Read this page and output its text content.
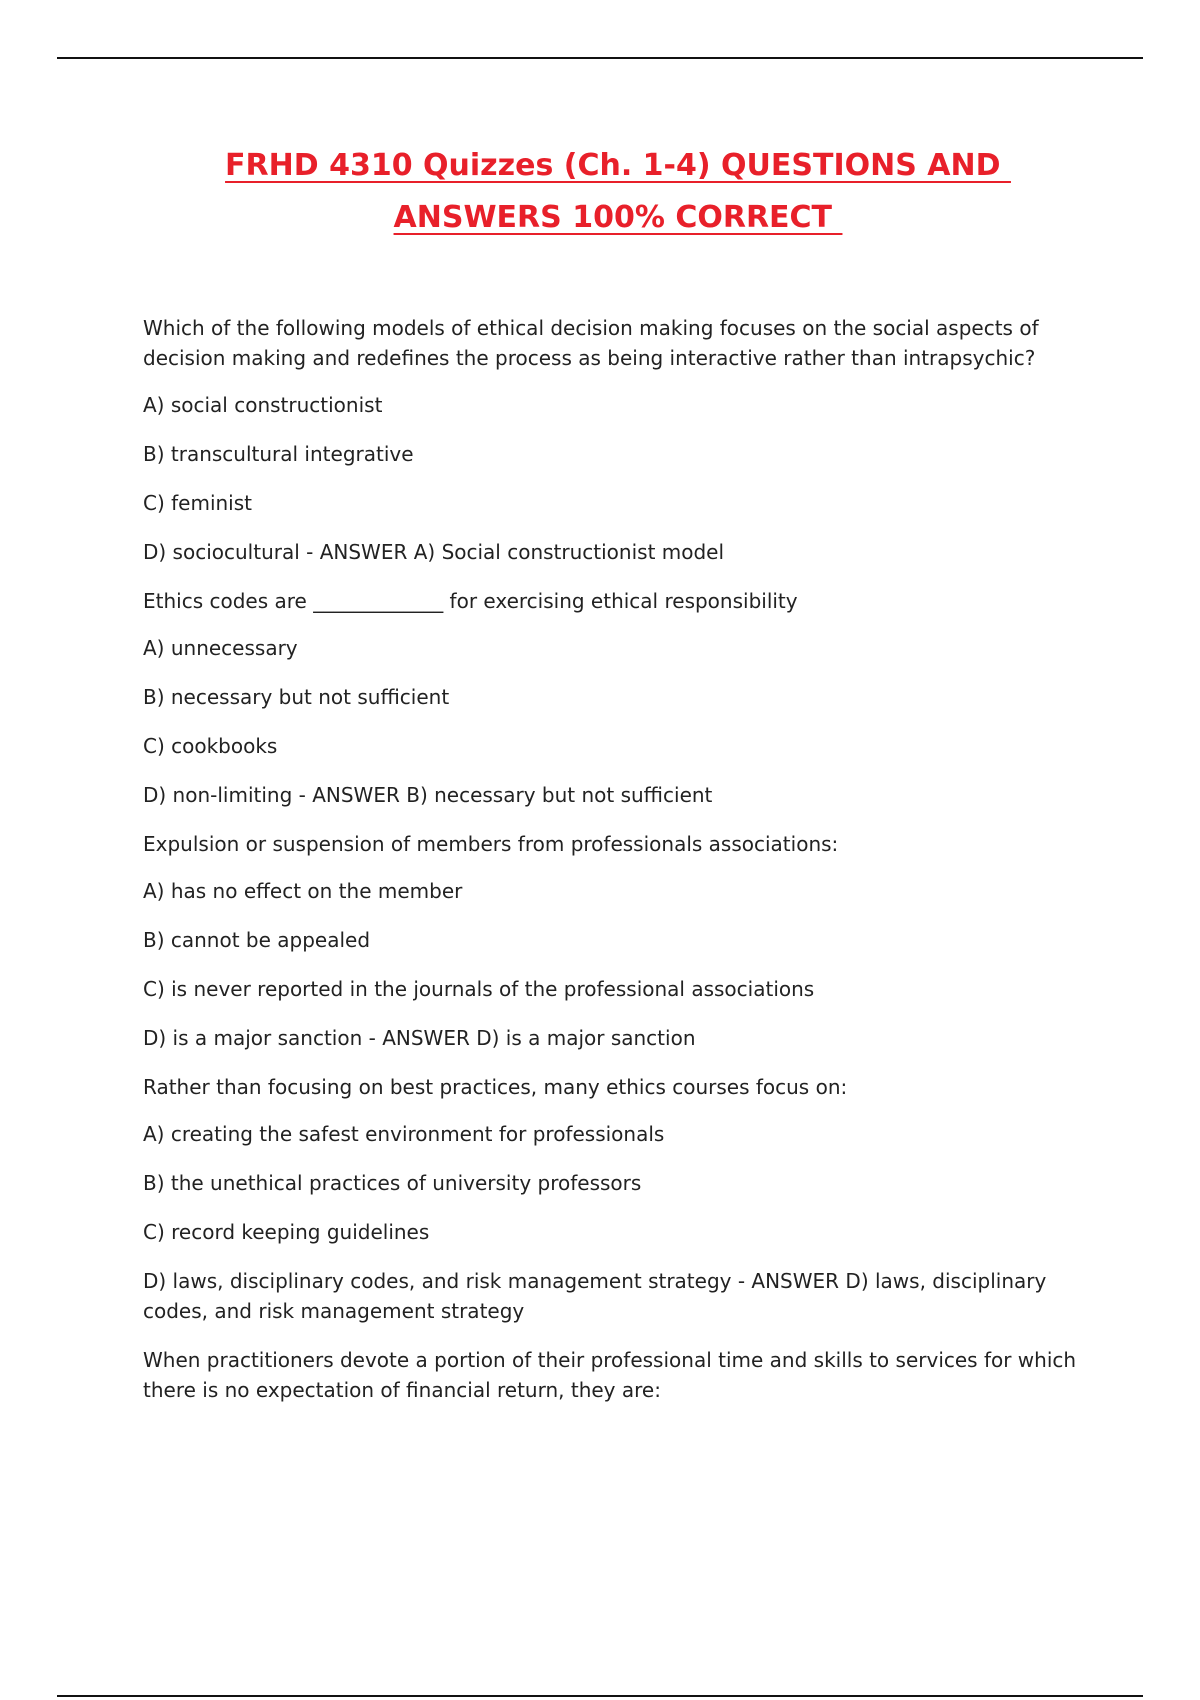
FRHD 4310 Quizzes (Ch. 1-4) QUESTIONS AND
ANSWERS 100% CORRECT

Which of the following models of ethical decision making focuses on the social aspects of decision making and redefines the process as being interactive rather than intrapsychic?

A) social constructionist

B) transcultural integrative

C) feminist

D) sociocultural - ANSWER A) Social constructionist model

Ethics codes are _____________ for exercising ethical responsibility

A) unnecessary

B) necessary but not sufficient

C) cookbooks

D) non-limiting - ANSWER B) necessary but not sufficient

Expulsion or suspension of members from professionals associations:

A) has no effect on the member

B) cannot be appealed

C) is never reported in the journals of the professional associations

D) is a major sanction - ANSWER D) is a major sanction

Rather than focusing on best practices, many ethics courses focus on:

A) creating the safest environment for professionals

B) the unethical practices of university professors

C) record keeping guidelines

D) laws, disciplinary codes, and risk management strategy - ANSWER D) laws, disciplinary codes, and risk management strategy

When practitioners devote a portion of their professional time and skills to services for which there is no expectation of financial return, they are:
